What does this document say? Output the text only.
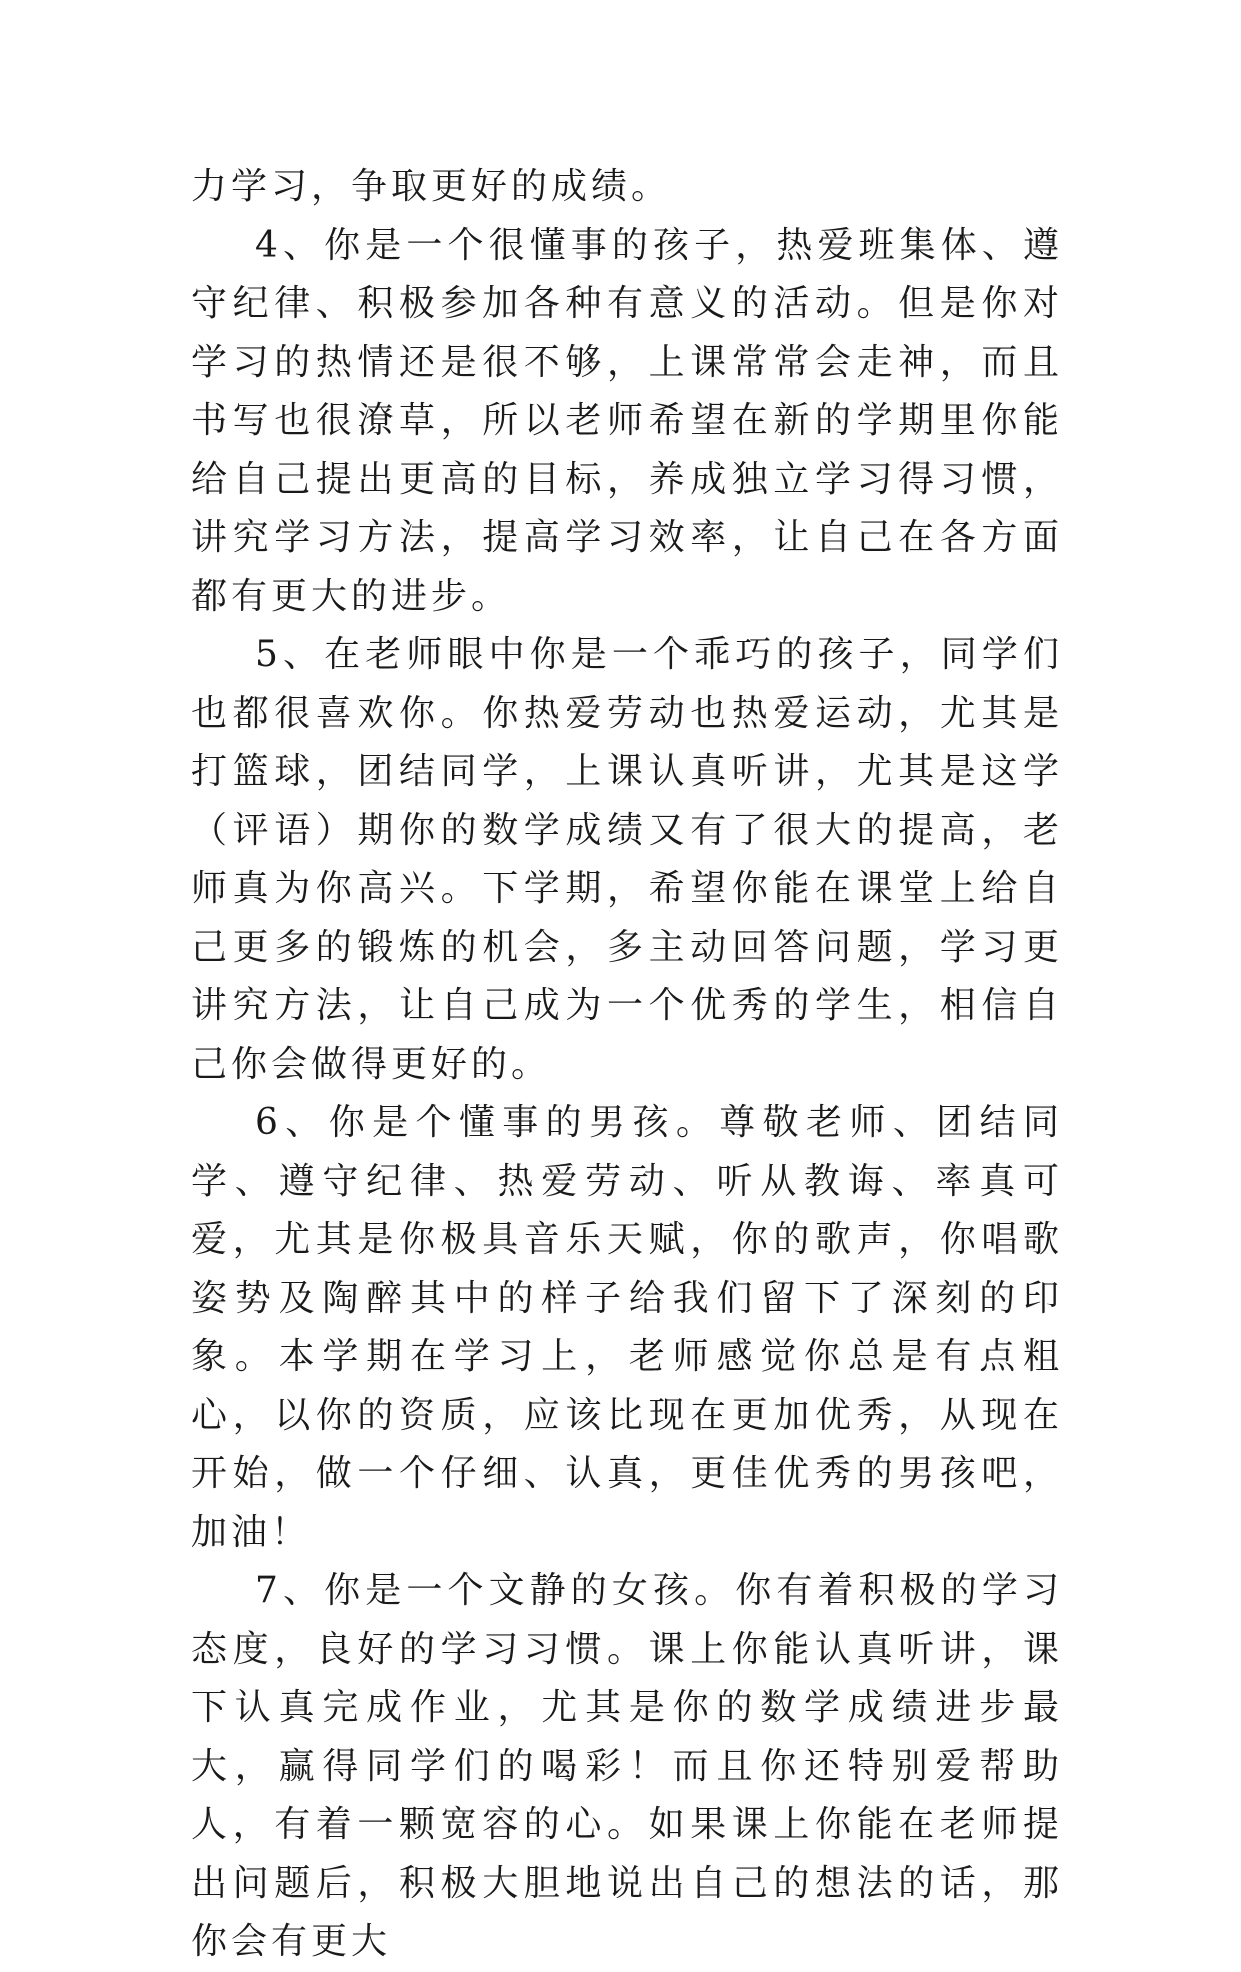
力学习，争取更好的成绩。

4、你是一个很懂事的孩子，热爱班集体、遵守纪律、积极参加各种有意义的活动。但是你对学习的热情还是很不够，上课常常会走神，而且书写也很潦草，所以老师希望在新的学期里你能给自己提出更高的目标，养成独立学习得习惯，讲究学习方法，提高学习效率，让自己在各方面都有更大的进步。

5、在老师眼中你是一个乖巧的孩子，同学们也都很喜欢你。你热爱劳动也热爱运动，尤其是打篮球，团结同学，上课认真听讲，尤其是这学（评语）期你的数学成绩又有了很大的提高，老师真为你高兴。下学期，希望你能在课堂上给自己更多的锻炼的机会，多主动回答问题，学习更讲究方法，让自己成为一个优秀的学生，相信自己你会做得更好的。

6、你是个懂事的男孩。尊敬老师、团结同学、遵守纪律、热爱劳动、听从教诲、率真可爱，尤其是你极具音乐天赋，你的歌声，你唱歌姿势及陶醉其中的样子给我们留下了深刻的印象。本学期在学习上，老师感觉你总是有点粗心，以你的资质，应该比现在更加优秀，从现在开始，做一个仔细、认真，更佳优秀的男孩吧，加油！

7、你是一个文静的女孩。你有着积极的学习态度，良好的学习习惯。课上你能认真听讲，课下认真完成作业，尤其是你的数学成绩进步最大，赢得同学们的喝彩！而且你还特别爱帮助人，有着一颗宽容的心。如果课上你能在老师提出问题后，积极大胆地说出自己的想法的话，那你会有更大
